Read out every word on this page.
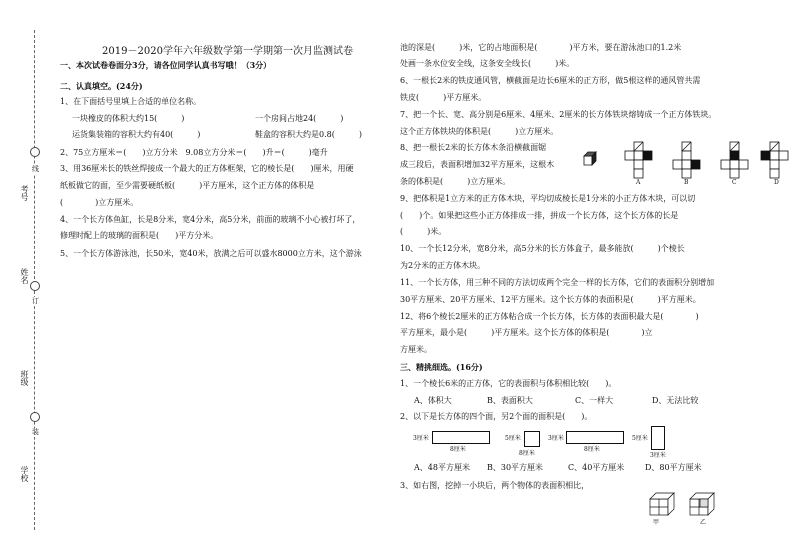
线
订
装
考号
姓名
班级
学校
2019－2020学年六年级数学第一学期第一次月监测试卷
一、本次试卷卷面分3分，请各位同学认真书写哦！（3分）
二、认真填空。(24分)
1、在下面括号里填上合适的单位名称。
一块橡皮的体积大约15(　　　)	一个房间占地24(　　　)
运货集装箱的容积大约有40(　　　)	鞋盒的容积大约是0.8(　　　)
2、75立方厘米＝(　　)立方分米　9.08立方分米＝(　　)升＝(　　　)毫升
3、用36厘米长的铁丝焊接成一个最大的正方体框架，它的棱长是(　　)厘米，用硬
纸板做它的面，至少需要硬纸板(　　　)平方厘米，这个正方体的体积是
(　　　　)立方厘米。
4、一个长方体鱼缸，长是8分米，宽4分米，高5分米，前面的玻璃不小心被打坏了，
修理时配上的玻璃的面积是(　　)平方分米。
5、一个长方体游泳池，长50米，宽40米，放满之后可以盛水8000立方米，这个游泳
池的深是(　　　)米，它的占地面积是(　　　　)平方米，要在游泳池口的1.2米
处画一条水位安全线，这条安全线长(　　　)米。
6、一根长2米的铁皮通风管，横截面是边长6厘米的正方形，做5根这样的通风管共需
铁皮(　　　)平方厘米。
7、把一个长、宽、高分别是6厘米、4厘米、2厘米的长方体铁块熔铸成一个正方体铁块。
这个正方体铁块的体积是(　　　)立方厘米。
8、把一根长2米的长方体木条沿横截面锯
成三段后，表面积增加32平方厘米，这根木
条的体积是(　　　)立方厘米。
9、把体积是1立方米的正方体木块，平均切成棱长是1分米的小正方体木块，可以切
(　　)个。如果把这些小正方体排成一排，拼成一个长方体，这个长方体的长是
(　　　)米。
10、一个长12分米，宽8分米，高5分米的长方体盒子，最多能放(　　　)个棱长
为2分米的正方体木块。
11、一个长方体，用三种不同的方法切成两个完全一样的长方体，它们的表面积分别增加
30平方厘米、20平方厘米、12平方厘米。这个长方体的表面积是(　　　)平方厘米。
12、将6个棱长2厘米的正方体粘合成一个长方体，长方体的表面积最大是(　　　　)
平方厘米，最小是(　　　)平方厘米。这个长方体的体积是(　　　　)立
方厘米。
三、精挑细选。(16分)
1、一个棱长6米的正方体，它的表面积与体积相比较(　　)。
A、体积大	B、表面积大	C、一样大	D、无法比较
2、以下是长方体的四个面，另2个面的面积是(　　)。
A、48平方厘米 B、30平方厘米	C、40平方厘米	D、80平方厘米
3、如右图，挖掉一小块后，两个物体的表面积相比，
A	B	C	D
3厘米
8厘米
5厘米
8厘米
3厘米
8厘米
5厘米
3厘米
甲	乙
